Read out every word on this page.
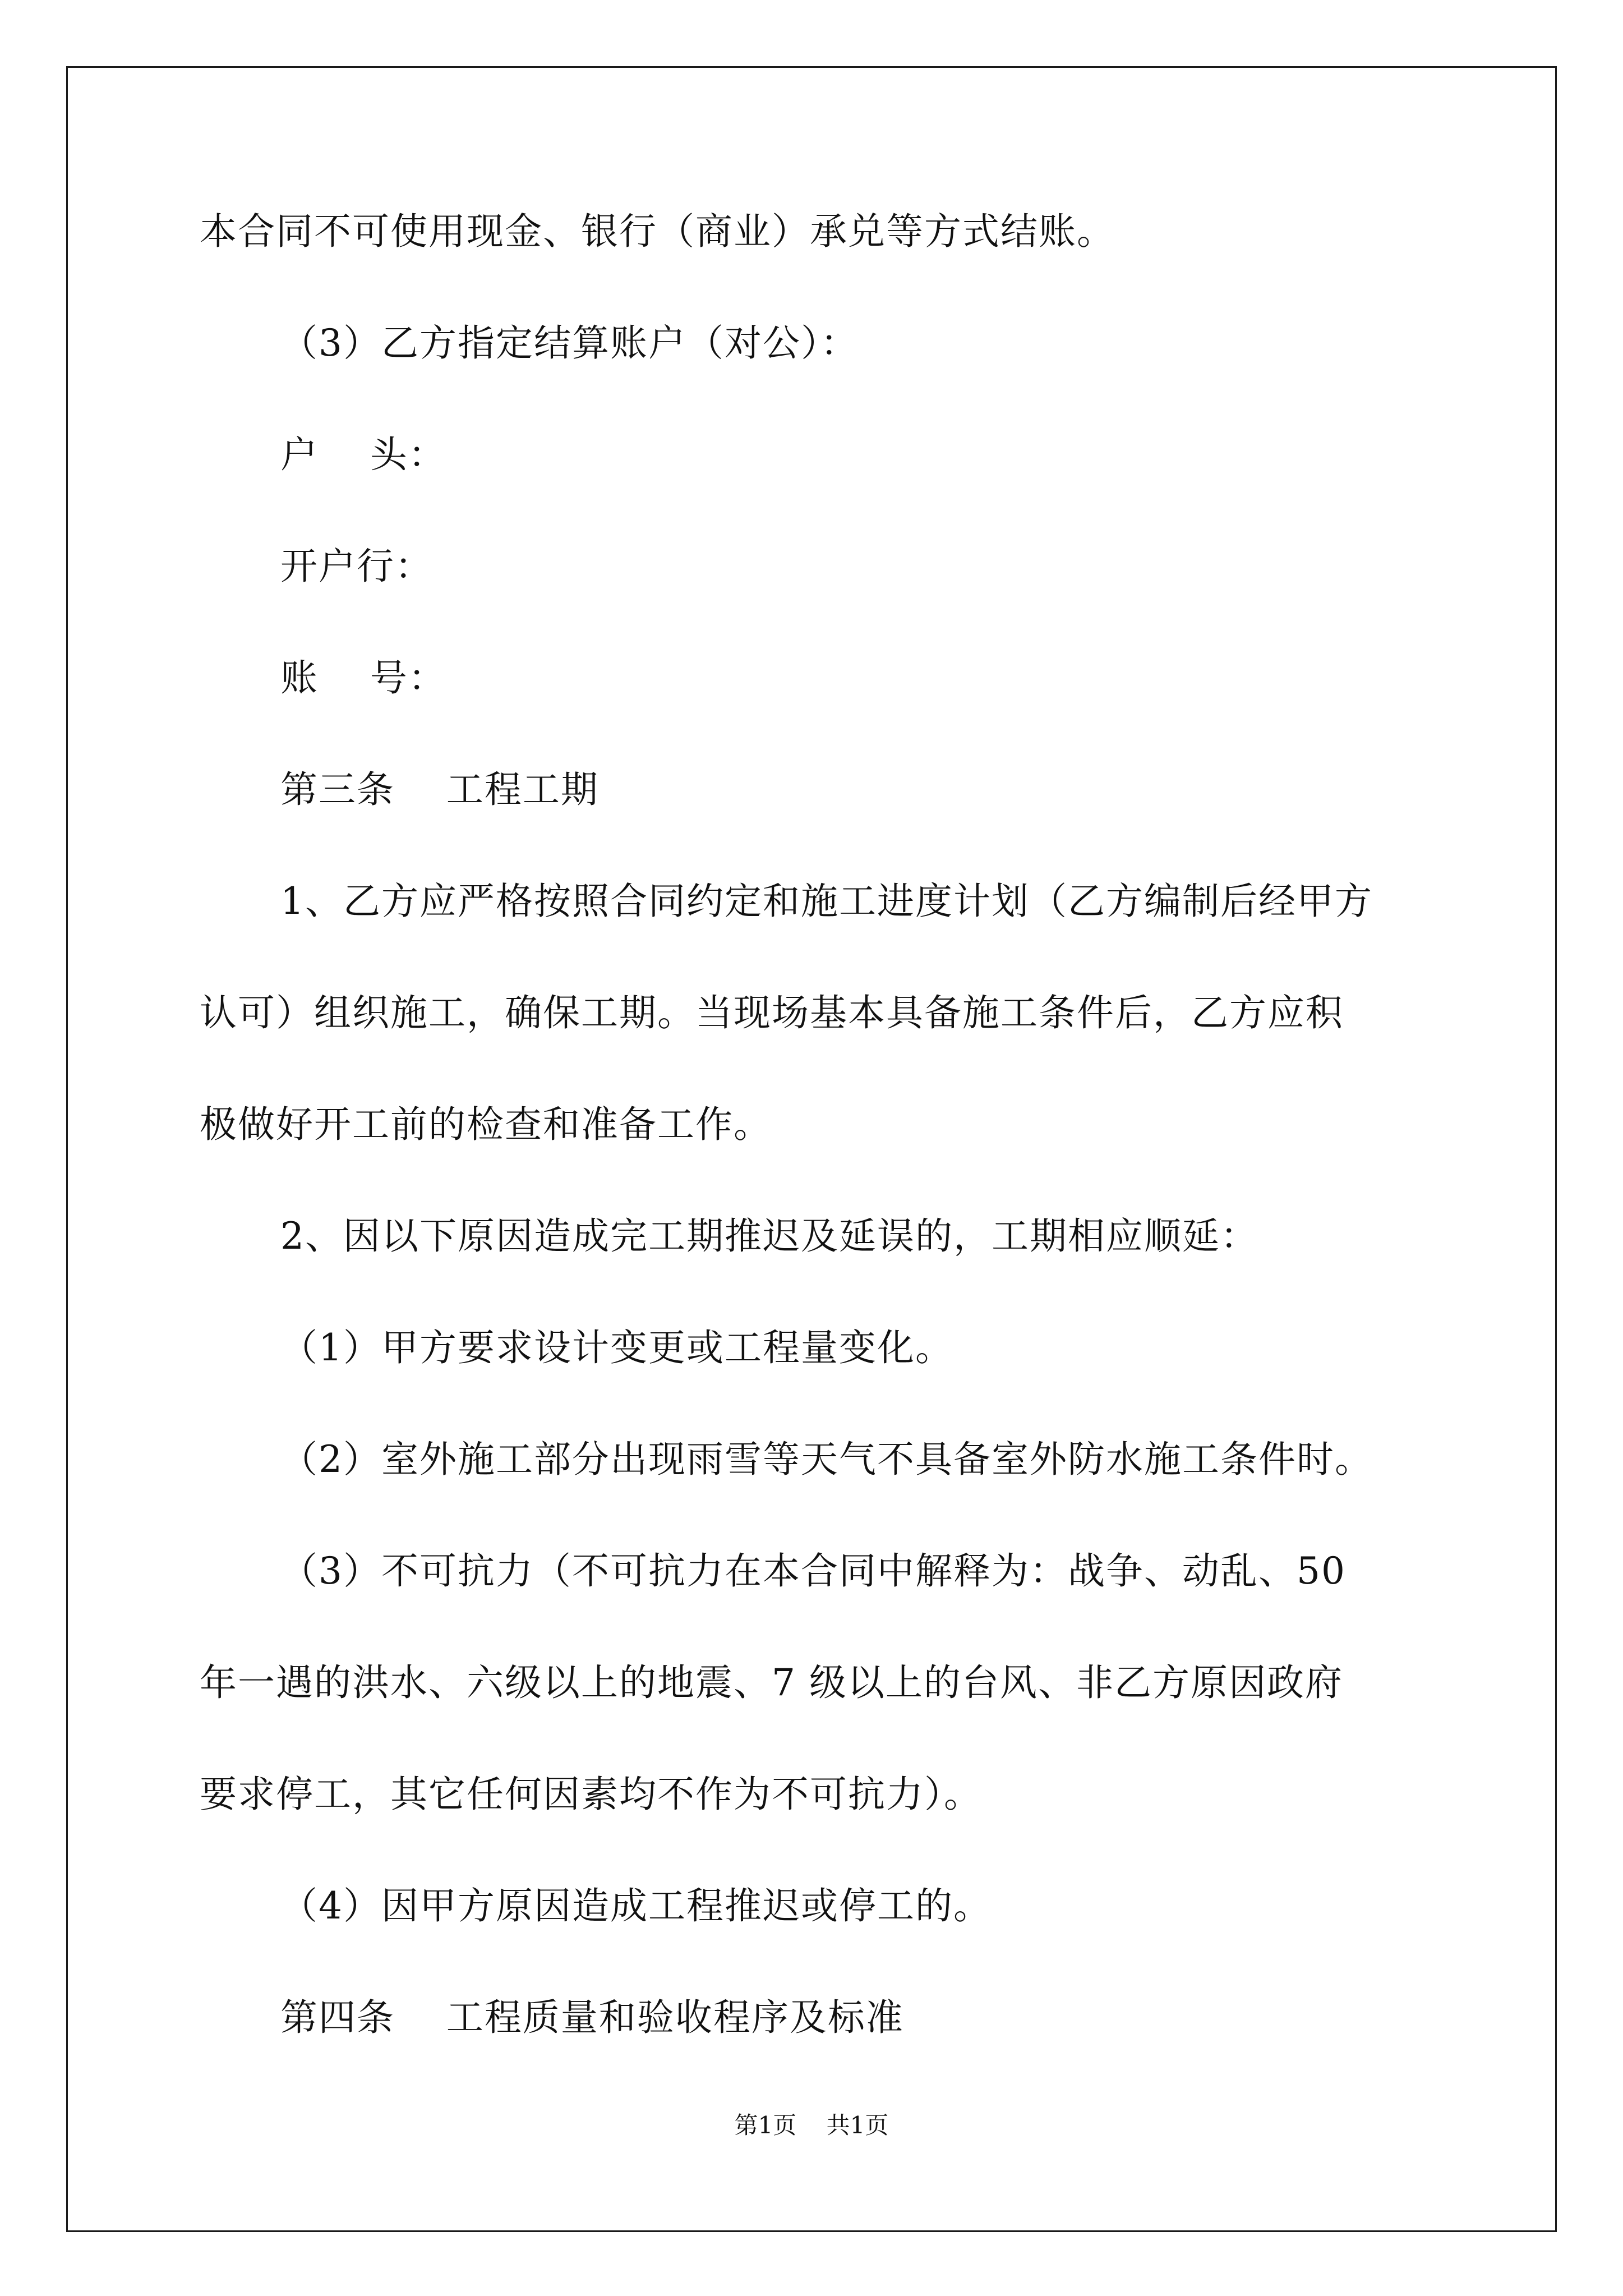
本合同不可使用现金、银行（商业）承兑等方式结账。
（3）乙方指定结算账户（对公）：
户    头：
开户行：
账    号：
第三条    工程工期
1、乙方应严格按照合同约定和施工进度计划（乙方编制后经甲方
认可）组织施工，确保工期。当现场基本具备施工条件后，乙方应积
极做好开工前的检查和准备工作。
2、因以下原因造成完工期推迟及延误的，工期相应顺延：
（1）甲方要求设计变更或工程量变化。
（2）室外施工部分出现雨雪等天气不具备室外防水施工条件时。
（3）不可抗力（不可抗力在本合同中解释为：战争、动乱、50
年一遇的洪水、六级以上的地震、7 级以上的台风、非乙方原因政府
要求停工，其它任何因素均不作为不可抗力）。
（4）因甲方原因造成工程推迟或停工的。
第四条    工程质量和验收程序及标准
第1页    共1页
